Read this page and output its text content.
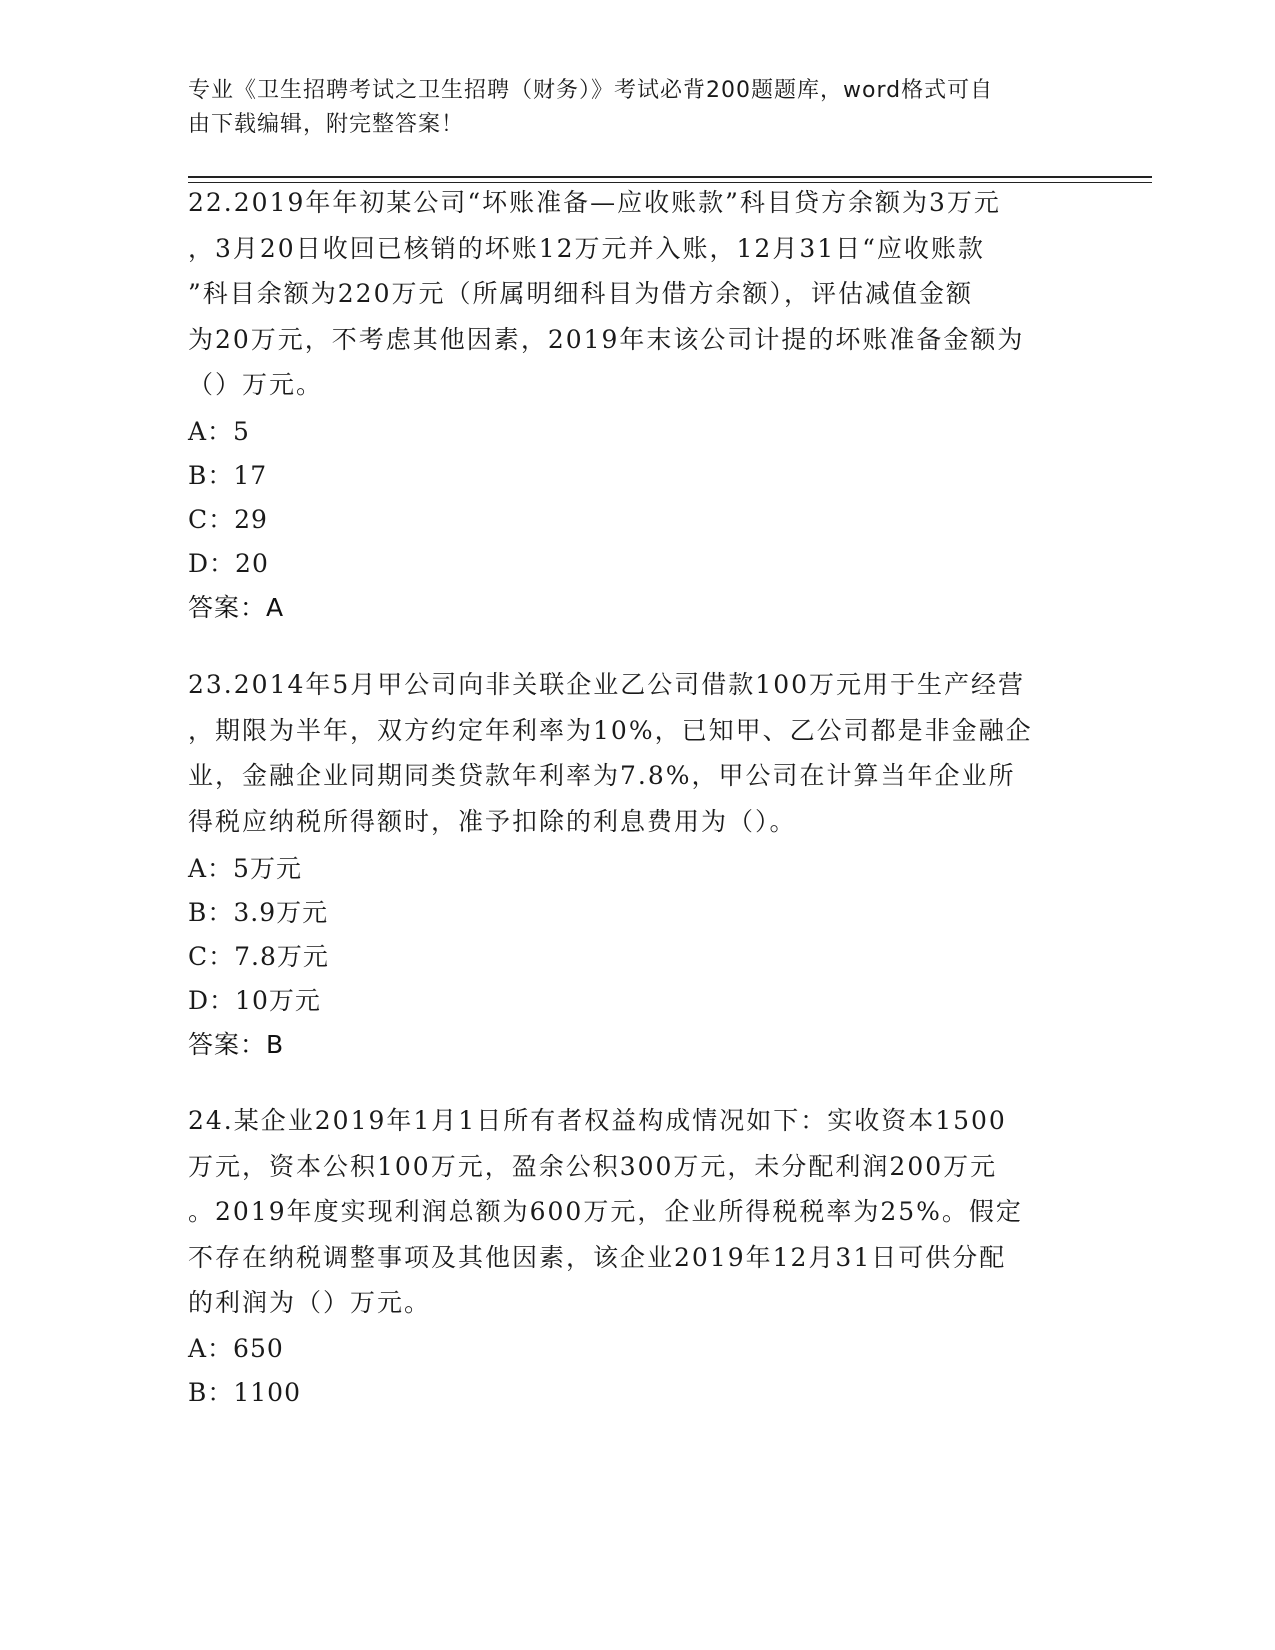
专业《卫生招聘考试之卫生招聘（财务）》考试必背200题题库，word格式可自
由下载编辑，附完整答案！
22.2019年年初某公司“坏账准备—应收账款”科目贷方余额为3万元
，3月20日收回已核销的坏账12万元并入账，12月31日“应收账款
”科目余额为220万元（所属明细科目为借方余额），评估减值金额
为20万元，不考虑其他因素，2019年末该公司计提的坏账准备金额为
（）万元。
A：5
B：17
C：29
D：20
答案：A
23.2014年5月甲公司向非关联企业乙公司借款100万元用于生产经营
，期限为半年，双方约定年利率为10%，已知甲、乙公司都是非金融企
业，金融企业同期同类贷款年利率为7.8%，甲公司在计算当年企业所
得税应纳税所得额时，准予扣除的利息费用为（）。
A：5万元
B：3.9万元
C：7.8万元
D：10万元
答案：B
24.某企业2019年1月1日所有者权益构成情况如下：实收资本1500
万元，资本公积100万元，盈余公积300万元，未分配利润200万元
。2019年度实现利润总额为600万元，企业所得税税率为25%。假定
不存在纳税调整事项及其他因素，该企业2019年12月31日可供分配
的利润为（）万元。
A：650
B：1100
